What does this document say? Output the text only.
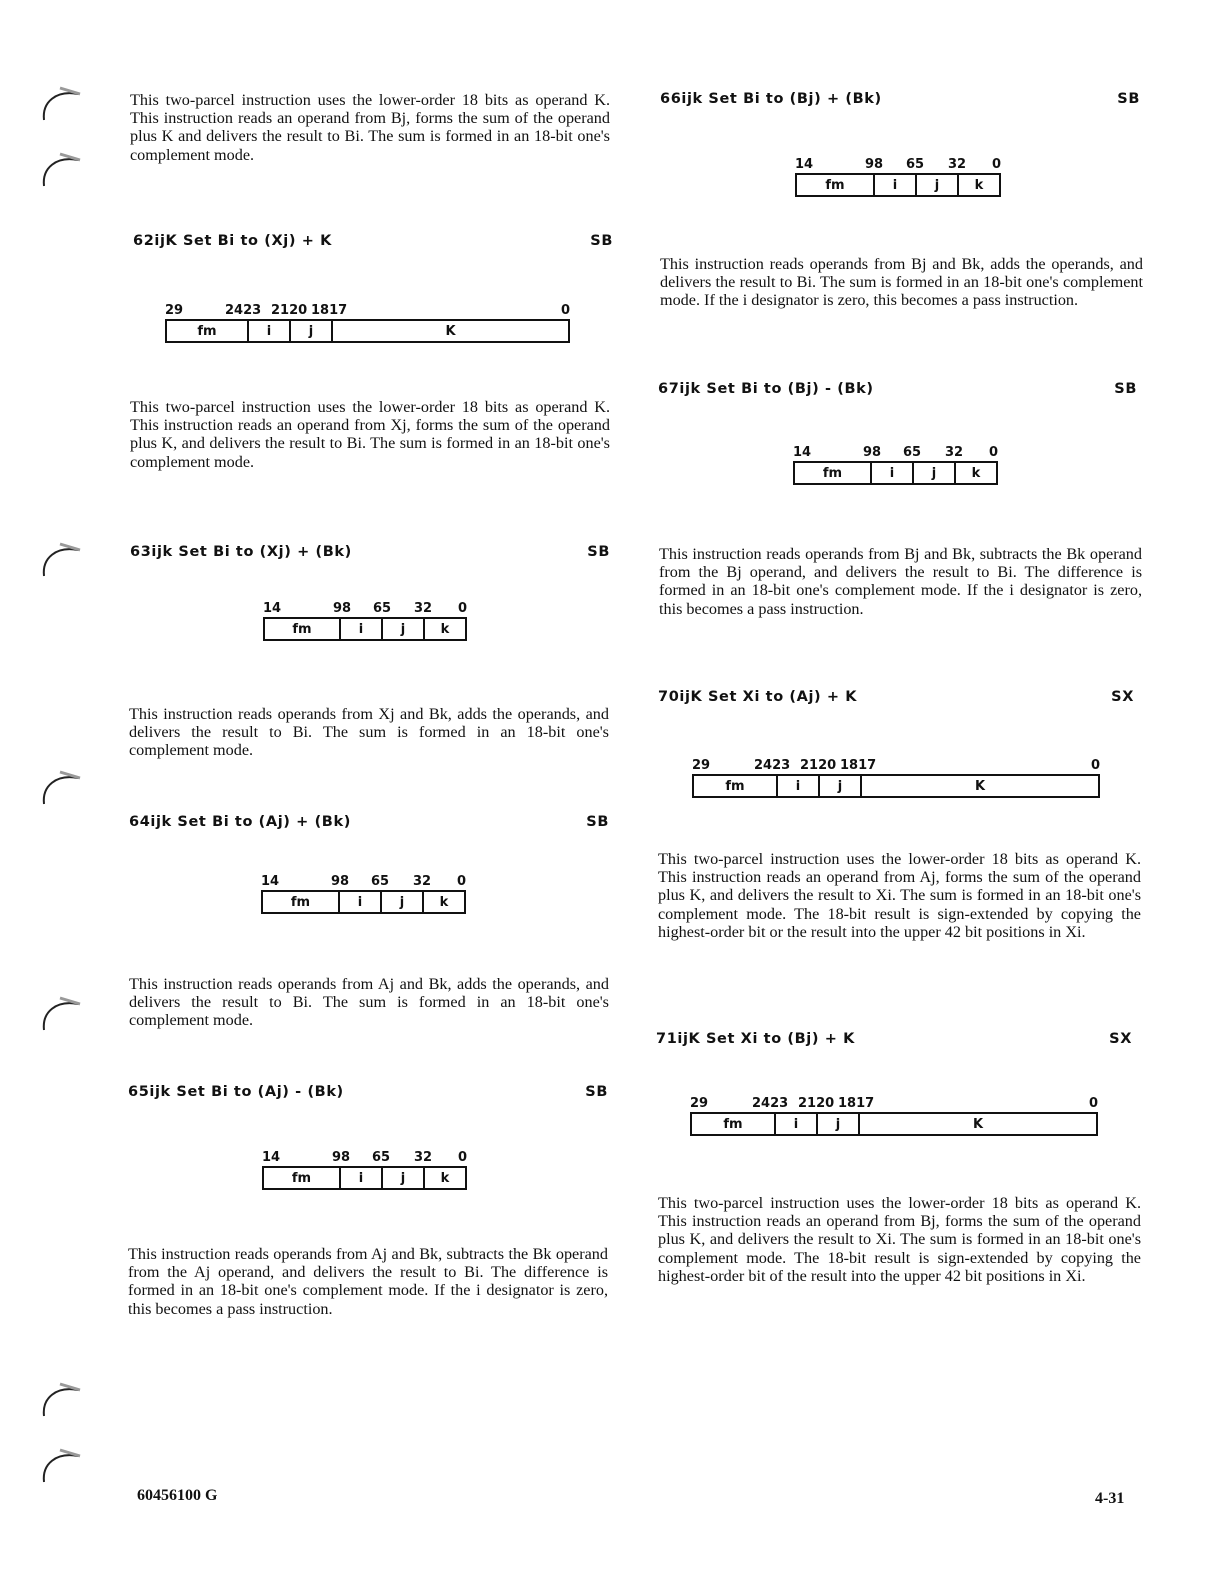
This two-parcel instruction uses the lower-order 18 bits as operand K. This instruction reads an operand from Bj, forms the sum of the operand plus K and delivers the result to Bi. The sum is formed in an 18-bit one's complement mode.

62ijK Set Bi to (Xj) + K	SB
29	2423 2120 1817	0
fm	i	j	K

This two-parcel instruction uses the lower-order 18 bits as operand K. This instruction reads an operand from Xj, forms the sum of the operand plus K, and delivers the result to Bi. The sum is formed in an 18-bit one's complement mode.

63ijk Set Bi to (Xj) + (Bk)	SB
14	98 65 32 0
fm	i	j	k

This instruction reads operands from Xj and Bk, adds the operands, and delivers the result to Bi. The sum is formed in an 18-bit one's complement mode.

64ijk Set Bi to (Aj) + (Bk)	SB
14	98 65 32 0
fm	i	j	k

This instruction reads operands from Aj and Bk, adds the operands, and delivers the result to Bi. The sum is formed in an 18-bit one's complement mode.

65ijk Set Bi to (Aj) - (Bk)	SB
14	98 65 32 0
fm	i	j	k

This instruction reads operands from Aj and Bk, subtracts the Bk operand from the Aj operand, and delivers the result to Bi. The difference is formed in an 18-bit one's complement mode. If the i designator is zero, this becomes a pass instruction.

66ijk Set Bi to (Bj) + (Bk)	SB
14	98 65 32 0
fm	i	j	k

This instruction reads operands from Bj and Bk, adds the operands, and delivers the result to Bi. The sum is formed in an 18-bit one's complement mode. If the i designator is zero, this becomes a pass instruction.

67ijk Set Bi to (Bj) - (Bk)	SB
14	98 65 32 0
fm	i	j	k

This instruction reads operands from Bj and Bk, subtracts the Bk operand from the Bj operand, and delivers the result to Bi. The difference is formed in an 18-bit one's complement mode. If the i designator is zero, this becomes a pass instruction.

70ijK Set Xi to (Aj) + K	SX
29	2423 2120 1817	0
fm	i	j	K

This two-parcel instruction uses the lower-order 18 bits as operand K. This instruction reads an operand from Aj, forms the sum of the operand plus K, and delivers the result to Xi. The sum is formed in an 18-bit one's complement mode. The 18-bit result is sign-extended by copying the highest-order bit or the result into the upper 42 bit positions in Xi.

71ijK Set Xi to (Bj) + K	SX
29	2423 2120 1817	0
fm	i	j	K

This two-parcel instruction uses the lower-order 18 bits as operand K. This instruction reads an operand from Bj, forms the sum of the operand plus K, and delivers the result to Xi. The sum is formed in an 18-bit one's complement mode. The 18-bit result is sign-extended by copying the highest-order bit of the result into the upper 42 bit positions in Xi.

60456100 G	4-31
